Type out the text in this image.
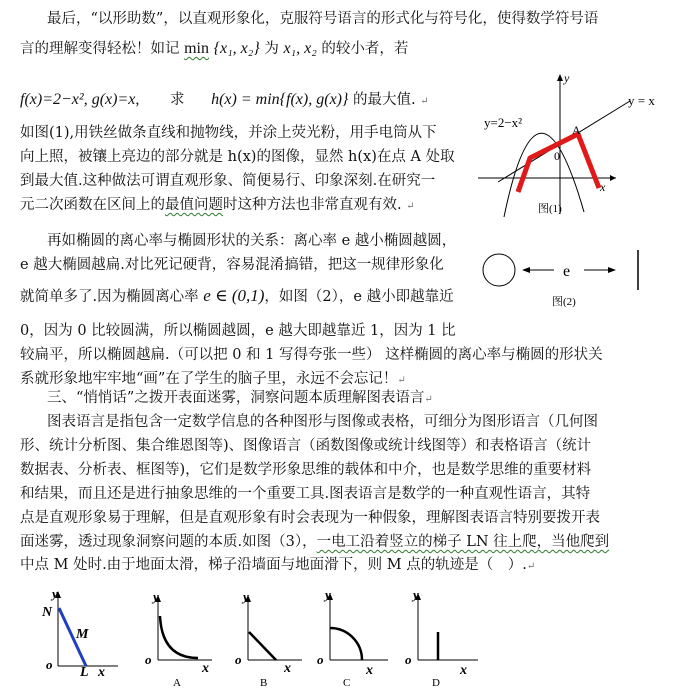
最后，“以形助数”，以直观形象化，克服符号语言的形式化与符号化，使得数学符号语
言的理解变得轻松！如记 min {x₁, x₂} 为 x₁, x₂ 的较小者，若
f(x)=2−x², g(x)=x, 求 h(x) = min{f(x), g(x)} 的最大值. ↵
如图(1),用铁丝做条直线和抛物线，并涂上荧光粉，用手电筒从下
向上照，被镶上亮边的部分就是 h(x)的图像，显然 h(x)在点 A 处取
到最大值.这种做法可谓直观形象、简便易行、印象深刻.在研究一
元二次函数在区间上的最值问题时这种方法也非常直观有效. ↵
y
x
0
A
y=2−x²
y = x
图(1)
再如椭圆的离心率与椭圆形状的关系：离心率 e 越小椭圆越圆，
e 越大椭圆越扁.对比死记硬背，容易混淆搞错，把这一规律形象化
就简单多了.因为椭圆离心率 e ∈ (0,1)，如图（2），e 越小即越靠近
e
图(2)
0，因为 0 比较圆满，所以椭圆越圆，e 越大即越靠近 1，因为 1 比
较扁平，所以椭圆越扁.（可以把 0 和 1 写得夸张一些） 这样椭圆的离心率与椭圆的形状关
系就形象地牢牢地“画”在了学生的脑子里，永远不会忘记！↵
三、“悄悄话”之拨开表面迷雾，洞察问题本质理解图表语言↵
图表语言是指包含一定数学信息的各种图形与图像或表格，可细分为图形语言（几何图
形、统计分析图、集合维恩图等)、图像语言（函数图像或统计线图等）和表格语言（统计
数据表、分析表、框图等)，它们是数学形象思维的载体和中介，也是数学思维的重要材料
和结果，而且还是进行抽象思维的一个重要工具.图表语言是数学的一种直观性语言，其特
点是直观形象易于理解，但是直观形象有时会表现为一种假象，理解图表语言特别要拨开表
面迷雾，透过现象洞察问题的本质.如图（3），一电工沿着竖立的梯子 LN 往上爬，当他爬到
中点 M 处时.由于地面太滑，梯子沿墙面与地面滑下，则 M 点的轨迹是（　）.↵
y
N
M
o
L x
y
o
x
A
y
o
x
B
y
o
x
C
y
o
x
D
